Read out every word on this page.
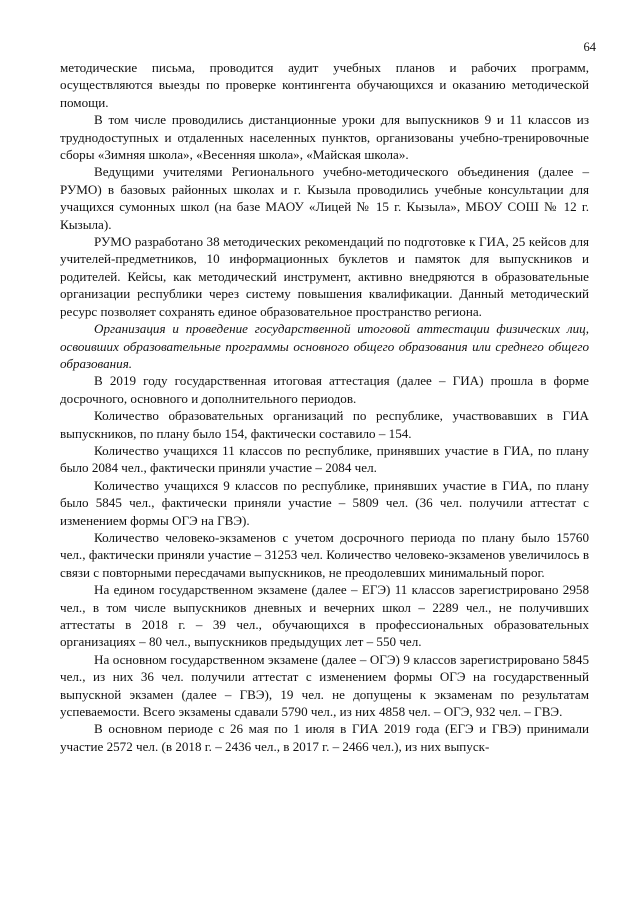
64

методические письма, проводится аудит учебных планов и рабочих программ, осуществляются выезды по проверке контингента обучающихся и оказанию методической помощи.

В том числе проводились дистанционные уроки для выпускников 9 и 11 классов из труднодоступных и отдаленных населенных пунктов, организованы учебно-тренировочные сборы «Зимняя школа», «Весенняя школа», «Майская школа».

Ведущими учителями Регионального учебно-методического объединения (далее – РУМО) в базовых районных школах и г. Кызыла проводились учебные консультации для учащихся сумонных школ (на базе МАОУ «Лицей № 15 г. Кызыла», МБОУ СОШ № 12 г. Кызыла).

РУМО разработано 38 методических рекомендаций по подготовке к ГИА, 25 кейсов для учителей-предметников, 10 информационных буклетов и памяток для выпускников и родителей. Кейсы, как методический инструмент, активно внедряются в образовательные организации республики через систему повышения квалификации. Данный методический ресурс позволяет сохранять единое образовательное пространство региона.

Организация и проведение государственной итоговой аттестации физических лиц, освоивших образовательные программы основного общего образования или среднего общего образования.

В 2019 году государственная итоговая аттестация (далее – ГИА) прошла в форме досрочного, основного и дополнительного периодов.

Количество образовательных организаций по республике, участвовавших в ГИА выпускников, по плану было 154, фактически составило – 154.

Количество учащихся 11 классов по республике, принявших участие в ГИА, по плану было 2084 чел., фактически приняли участие – 2084 чел.

Количество учащихся 9 классов по республике, принявших участие в ГИА, по плану было 5845 чел., фактически приняли участие – 5809 чел. (36 чел. получили аттестат с изменением формы ОГЭ на ГВЭ).

Количество человеко-экзаменов с учетом досрочного периода по плану было 15760 чел., фактически приняли участие – 31253 чел. Количество человеко-экзаменов увеличилось в связи с повторными пересдачами выпускников, не преодолевших минимальный порог.

На едином государственном экзамене (далее – ЕГЭ) 11 классов зарегистрировано 2958 чел., в том числе выпускников дневных и вечерних школ – 2289 чел., не получивших аттестаты в 2018 г. – 39 чел., обучающихся в профессиональных образовательных организациях – 80 чел., выпускников предыдущих лет – 550 чел.

На основном государственном экзамене (далее – ОГЭ) 9 классов зарегистрировано 5845 чел., из них 36 чел. получили аттестат с изменением формы ОГЭ на государственный выпускной экзамен (далее – ГВЭ), 19 чел. не допущены к экзаменам по результатам успеваемости. Всего экзамены сдавали 5790 чел., из них 4858 чел. – ОГЭ, 932 чел. – ГВЭ.

В основном периоде с 26 мая по 1 июля в ГИА 2019 года (ЕГЭ и ГВЭ) принимали участие 2572 чел. (в 2018 г. – 2436 чел., в 2017 г. – 2466 чел.), из них выпуск-
